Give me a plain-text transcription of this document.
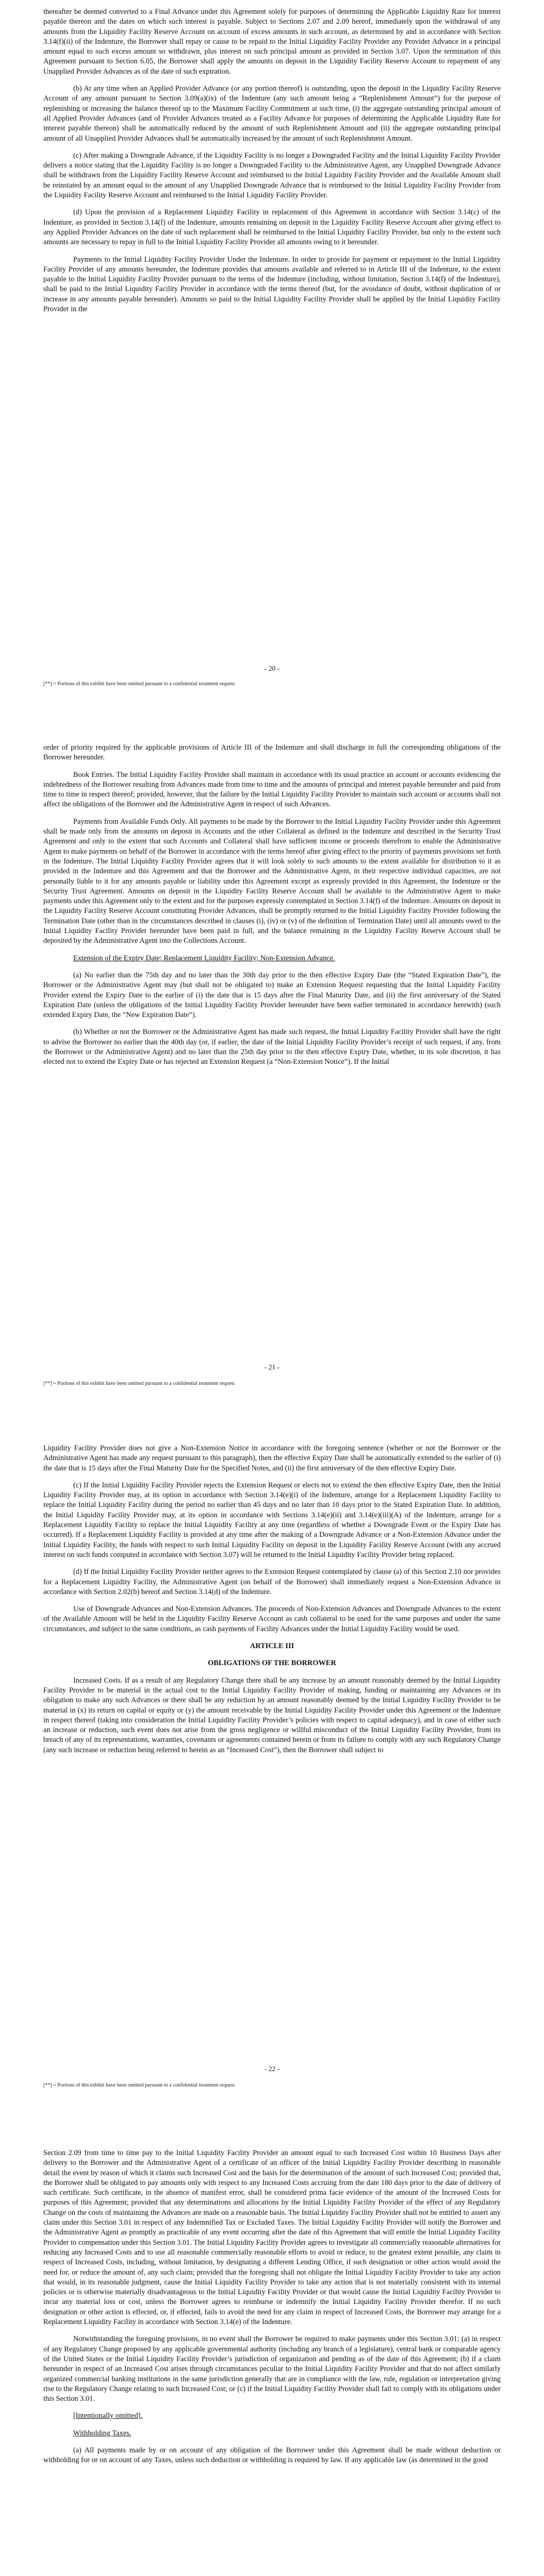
thereafter be deemed converted to a Final Advance under this Agreement solely for purposes of determining the Applicable Liquidity Rate for interest payable thereon and the dates on which such interest is payable. Subject to Sections 2.07 and 2.09 hereof, immediately upon the withdrawal of any amounts from the Liquidity Facility Reserve Account on account of excess amounts in such account, as determined by and in accordance with Section 3.14(f)(ii) of the Indenture, the Borrower shall repay or cause to be repaid to the Initial Liquidity Facility Provider any Provider Advance in a principal amount equal to such excess amount so withdrawn, plus interest on such principal amount as provided in Section 3.07. Upon the termination of this Agreement pursuant to Section 6.05, the Borrower shall apply the amounts on deposit in the Liquidity Facility Reserve Account to repayment of any Unapplied Provider Advances as of the date of such expiration.

(b) At any time when an Applied Provider Advance (or any portion thereof) is outstanding, upon the deposit in the Liquidity Facility Reserve Account of any amount pursuant to Section 3.09(a)(ix) of the Indenture (any such amount being a “Replenishment Amount”) for the purpose of replenishing or increasing the balance thereof up to the Maximum Facility Commitment at such time, (i) the aggregate outstanding principal amount of all Applied Provider Advances (and of Provider Advances treated as a Facility Advance for purposes of determining the Applicable Liquidity Rate for interest payable thereon) shall be automatically reduced by the amount of such Replenishment Amount and (ii) the aggregate outstanding principal amount of all Unapplied Provider Advances shall be automatically increased by the amount of such Replenishment Amount.

(c) After making a Downgrade Advance, if the Liquidity Facility is no longer a Downgraded Facility and the Initial Liquidity Facility Provider delivers a notice stating that the Liquidity Facility is no longer a Downgraded Facility to the Administrative Agent, any Unapplied Downgrade Advance shall be withdrawn from the Liquidity Facility Reserve Account and reimbursed to the Initial Liquidity Facility Provider and the Available Amount shall be reinstated by an amount equal to the amount of any Unapplied Downgrade Advance that is reimbursed to the Initial Liquidity Facility Provider from the Liquidity Facility Reserve Account and reimbursed to the Initial Liquidity Facility Provider.

(d) Upon the provision of a Replacement Liquidity Facility in replacement of this Agreement in accordance with Section 3.14(c) of the Indenture, as provided in Section 3.14(f) of the Indenture, amounts remaining on deposit in the Liquidity Facility Reserve Account after giving effect to any Applied Provider Advances on the date of such replacement shall be reimbursed to the Initial Liquidity Facility Provider, but only to the extent such amounts are necessary to repay in full to the Initial Liquidity Facility Provider all amounts owing to it hereunder.

Payments to the Initial Liquidity Facility Provider Under the Indenture. In order to provide for payment or repayment to the Initial Liquidity Facility Provider of any amounts hereunder, the Indenture provides that amounts available and referred to in Article III of the Indenture, to the extent payable to the Initial Liquidity Facility Provider pursuant to the terms of the Indenture (including, without limitation, Section 3.14(f) of the Indenture), shall be paid to the Initial Liquidity Facility Provider in accordance with the terms thereof (but, for the avoidance of doubt, without duplication of or increase in any amounts payable hereunder). Amounts so paid to the Initial Liquidity Facility Provider shall be applied by the Initial Liquidity Facility Provider in the

- 20 -
[**] = Portions of this exhibit have been omitted pursuant to a confidential treatment request.

order of priority required by the applicable provisions of Article III of the Indenture and shall discharge in full the corresponding obligations of the Borrower hereunder.

Book Entries. The Initial Liquidity Facility Provider shall maintain in accordance with its usual practice an account or accounts evidencing the indebtedness of the Borrower resulting from Advances made from time to time and the amounts of principal and interest payable hereunder and paid from time to time in respect thereof; provided, however, that the failure by the Initial Liquidity Facility Provider to maintain such account or accounts shall not affect the obligations of the Borrower and the Administrative Agent in respect of such Advances.

Payments from Available Funds Only. All payments to be made by the Borrower to the Initial Liquidity Facility Provider under this Agreement shall be made only from the amounts on deposit in Accounts and the other Collateral as defined in the Indenture and described in the Security Trust Agreement and only to the extent that such Accounts and Collateral shall have sufficient income or proceeds therefrom to enable the Administrative Agent to make payments on behalf of the Borrower in accordance with the terms hereof after giving effect to the priority of payments provisions set forth in the Indenture. The Initial Liquidity Facility Provider agrees that it will look solely to such amounts to the extent available for distribution to it as provided in the Indenture and this Agreement and that the Borrower and the Administrative Agent, in their respective individual capacities, are not personally liable to it for any amounts payable or liability under this Agreement except as expressly provided in this Agreement, the Indenture or the Security Trust Agreement. Amounts on deposit in the Liquidity Facility Reserve Account shall be available to the Administrative Agent to make payments under this Agreement only to the extent and for the purposes expressly contemplated in Section 3.14(f) of the Indenture. Amounts on deposit in the Liquidity Facility Reserve Account constituting Provider Advances, shall be promptly returned to the Initial Liquidity Facility Provider following the Termination Date (other than in the circumstances described in clauses (i), (iv) or (v) of the definition of Termination Date) until all amounts owed to the Initial Liquidity Facility Provider hereunder have been paid in full, and the balance remaining in the Liquidity Facility Reserve Account shall be deposited by the Administrative Agent into the Collections Account.

Extension of the Expiry Date; Replacement Liquidity Facility; Non-Extension Advance.

(a) No earlier than the 75th day and no later than the 30th day prior to the then effective Expiry Date (the “Stated Expiration Date”), the Borrower or the Administrative Agent may (but shall not be obligated to) make an Extension Request requesting that the Initial Liquidity Facility Provider extend the Expiry Date to the earlier of (i) the date that is 15 days after the Final Maturity Date, and (ii) the first anniversary of the Stated Expiration Date (unless the obligations of the Initial Liquidity Facility Provider hereunder have been earlier terminated in accordance herewith) (such extended Expiry Date, the “New Expiration Date”).

(b) Whether or not the Borrower or the Administrative Agent has made such request, the Initial Liquidity Facility Provider shall have the right to advise the Borrower no earlier than the 40th day (or, if earlier, the date of the Initial Liquidity Facility Provider’s receipt of such request, if any, from the Borrower or the Administrative Agent) and no later than the 25th day prior to the then effective Expiry Date, whether, in its sole discretion, it has elected not to extend the Expiry Date or has rejected an Extension Request (a “Non-Extension Notice”). If the Initial

- 21 -
[**] = Portions of this exhibit have been omitted pursuant to a confidential treatment request.

Liquidity Facility Provider does not give a Non-Extension Notice in accordance with the foregoing sentence (whether or not the Borrower or the Administrative Agent has made any request pursuant to this paragraph), then the effective Expiry Date shall be automatically extended to the earlier of (i) the date that is 15 days after the Final Maturity Date for the Specified Notes, and (ii) the first anniversary of the then effective Expiry Date.

(c) If the Initial Liquidity Facility Provider rejects the Extension Request or elects not to extend the then effective Expiry Date, then the Initial Liquidity Facility Provider may, at its option in accordance with Section 3.14(e)(i) of the Indenture, arrange for a Replacement Liquidity Facility to replace the Initial Liquidity Facility during the period no earlier than 45 days and no later than 10 days prior to the Stated Expiration Date. In addition, the Initial Liquidity Facility Provider may, at its option in accordance with Sections 3.14(e)(ii) and 3.14(e)(iii)(A) of the Indenture, arrange for a Replacement Liquidity Facility to replace the Initial Liquidity Facility at any time (regardless of whether a Downgrade Event or the Expiry Date has occurred). If a Replacement Liquidity Facility is provided at any time after the making of a Downgrade Advance or a Non-Extension Advance under the Initial Liquidity Facility, the funds with respect to such Initial Liquidity Facility on deposit in the Liquidity Facility Reserve Account (with any accrued interest on such funds computed in accordance with Section 3.07) will be returned to the Initial Liquidity Facility Provider being replaced.

(d) If the Initial Liquidity Facility Provider neither agrees to the Extension Request contemplated by clause (a) of this Section 2.10 nor provides for a Replacement Liquidity Facility, the Administrative Agent (on behalf of the Borrower) shall immediately request a Non-Extension Advance in accordance with Section 2.02(b) hereof and Section 3.14(d) of the Indenture.

Use of Downgrade Advances and Non-Extension Advances. The proceeds of Non-Extension Advances and Downgrade Advances to the extent of the Available Amount will be held in the Liquidity Facility Reserve Account as cash collateral to be used for the same purposes and under the same circumstances, and subject to the same conditions, as cash payments of Facility Advances under the Initial Liquidity Facility would be used.

ARTICLE III

OBLIGATIONS OF THE BORROWER

Increased Costs. If as a result of any Regulatory Change there shall be any increase by an amount reasonably deemed by the Initial Liquidity Facility Provider to be material in the actual cost to the Initial Liquidity Facility Provider of making, funding or maintaining any Advances or its obligation to make any such Advances or there shall be any reduction by an amount reasonably deemed by the Initial Liquidity Facility Provider to be material in (x) its return on capital or equity or (y) the amount receivable by the Initial Liquidity Facility Provider under this Agreement or the Indenture in respect thereof (taking into consideration the Initial Liquidity Facility Provider’s policies with respect to capital adequacy), and in case of either such an increase or reduction, such event does not arise from the gross negligence or willful misconduct of the Initial Liquidity Facility Provider, from its breach of any of its representations, warranties, covenants or agreements contained herein or from its failure to comply with any such Regulatory Change (any such increase or reduction being referred to herein as an “Increased Cost”), then the Borrower shall subject to

- 22 -
[**] = Portions of this exhibit have been omitted pursuant to a confidential treatment request.

Section 2.09 from time to time pay to the Initial Liquidity Facility Provider an amount equal to such Increased Cost within 10 Business Days after delivery to the Borrower and the Administrative Agent of a certificate of an officer of the Initial Liquidity Facility Provider describing in reasonable detail the event by reason of which it claims such Increased Cost and the basis for the determination of the amount of such Increased Cost; provided that, the Borrower shall be obligated to pay amounts only with respect to any Increased Costs accruing from the date 180 days prior to the date of delivery of such certificate. Such certificate, in the absence of manifest error, shall be considered prima facie evidence of the amount of the Increased Costs for purposes of this Agreement; provided that any determinations and allocations by the Initial Liquidity Facility Provider of the effect of any Regulatory Change on the costs of maintaining the Advances are made on a reasonable basis. The Initial Liquidity Facility Provider shall not be entitled to assert any claim under this Section 3.01 in respect of any Indemnified Tax or Excluded Taxes. The Initial Liquidity Facility Provider will notify the Borrower and the Administrative Agent as promptly as practicable of any event occurring after the date of this Agreement that will entitle the Initial Liquidity Facility Provider to compensation under this Section 3.01. The Initial Liquidity Facility Provider agrees to investigate all commercially reasonable alternatives for reducing any Increased Costs and to use all reasonable commercially reasonable efforts to avoid or reduce, to the greatest extent possible, any claim in respect of Increased Costs, including, without limitation, by designating a different Lending Office, if such designation or other action would avoid the need for, or reduce the amount of, any such claim; provided that the foregoing shall not obligate the Initial Liquidity Facility Provider to take any action that would, in its reasonable judgment, cause the Initial Liquidity Facility Provider to take any action that is not materially consistent with its internal policies or is otherwise materially disadvantageous to the Initial Liquidity Facility Provider or that would cause the Initial Liquidity Facility Provider to incur any material loss or cost, unless the Borrower agrees to reimburse or indemnify the Initial Liquidity Facility Provider therefor. If no such designation or other action is effected, or, if effected, fails to avoid the need for any claim in respect of Increased Costs, the Borrower may arrange for a Replacement Liquidity Facility in accordance with Section 3.14(e) of the Indenture.

Notwithstanding the foregoing provisions, in no event shall the Borrower be required to make payments under this Section 3.01: (a) in respect of any Regulatory Change proposed by any applicable governmental authority (including any branch of a legislature), central bank or comparable agency of the United States or the Initial Liquidity Facility Provider’s jurisdiction of organization and pending as of the date of this Agreement; (b) if a claim hereunder in respect of an Increased Cost arises through circumstances peculiar to the Initial Liquidity Facility Provider and that do not affect similarly organized commercial banking institutions in the same jurisdiction generally that are in compliance with the law, rule, regulation or interpretation giving rise to the Regulatory Change relating to such Increased Cost; or (c) if the Initial Liquidity Facility Provider shall fail to comply with its obligations under this Section 3.01.

[Intentionally omitted].

Withholding Taxes.

(a) All payments made by or on account of any obligation of the Borrower under this Agreement shall be made without deduction or withholding for or on account of any Taxes, unless such deduction or withholding is required by law. If any applicable law (as determined in the good
